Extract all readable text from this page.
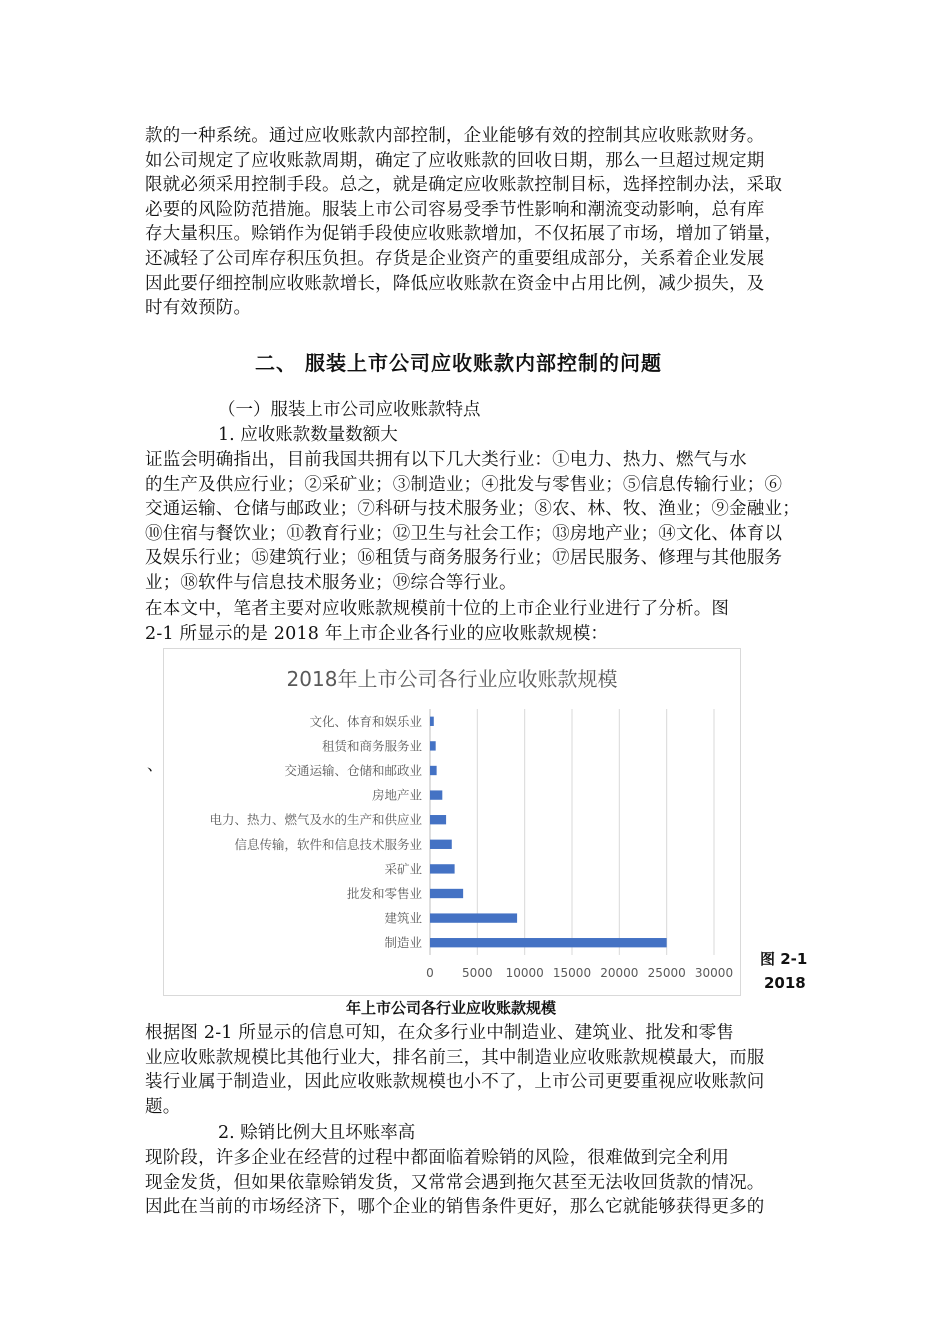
款的一种系统。通过应收账款内部控制，企业能够有效的控制其应收账款财务。
如公司规定了应收账款周期，确定了应收账款的回收日期，那么一旦超过规定期
限就必须采用控制手段。总之，就是确定应收账款控制目标，选择控制办法，采取
必要的风险防范措施。服装上市公司容易受季节性影响和潮流变动影响，总有库
存大量积压。赊销作为促销手段使应收账款增加，不仅拓展了市场，增加了销量，
还减轻了公司库存积压负担。存货是企业资产的重要组成部分，关系着企业发展
因此要仔细控制应收账款增长，降低应收账款在资金中占用比例，减少损失，及
时有效预防。
二、 服装上市公司应收账款内部控制的问题
（一）服装上市公司应收账款特点
1. 应收账款数量数额大
证监会明确指出，目前我国共拥有以下几大类行业：①电力、热力、燃气与水
的生产及供应行业；②采矿业；③制造业；④批发与零售业；⑤信息传输行业；⑥
交通运输、仓储与邮政业；⑦科研与技术服务业；⑧农、林、牧、渔业；⑨金融业；
⑩住宿与餐饮业；⑪教育行业；⑫卫生与社会工作；⑬房地产业；⑭文化、体育以
及娱乐行业；⑮建筑行业；⑯租赁与商务服务行业；⑰居民服务、修理与其他服务
业；⑱软件与信息技术服务业；⑲综合等行业。
在本文中，笔者主要对应收账款规模前十位的上市企业行业进行了分析。图
2-1 所显示的是 2018 年上市企业各行业的应收账款规模：
、
2018年上市公司各行业应收账款规模
0 5000 10000 15000 20000 25000 30000
文化、体育和娱乐业
租赁和商务服务业
交通运输、仓储和邮政业
房地产业
电力、热力、燃气及水的生产和供应业
信息传输，软件和信息技术服务业
采矿业
批发和零售业
建筑业
制造业
图 2-1
2018
年上市公司各行业应收账款规模
根据图 2-1 所显示的信息可知，在众多行业中制造业、建筑业、批发和零售
业应收账款规模比其他行业大，排名前三，其中制造业应收账款规模最大，而服
装行业属于制造业，因此应收账款规模也小不了，上市公司更要重视应收账款问
题。
2. 赊销比例大且坏账率高
现阶段，许多企业在经营的过程中都面临着赊销的风险，很难做到完全利用
现金发货，但如果依靠赊销发货，又常常会遇到拖欠甚至无法收回货款的情况。
因此在当前的市场经济下，哪个企业的销售条件更好，那么它就能够获得更多的
